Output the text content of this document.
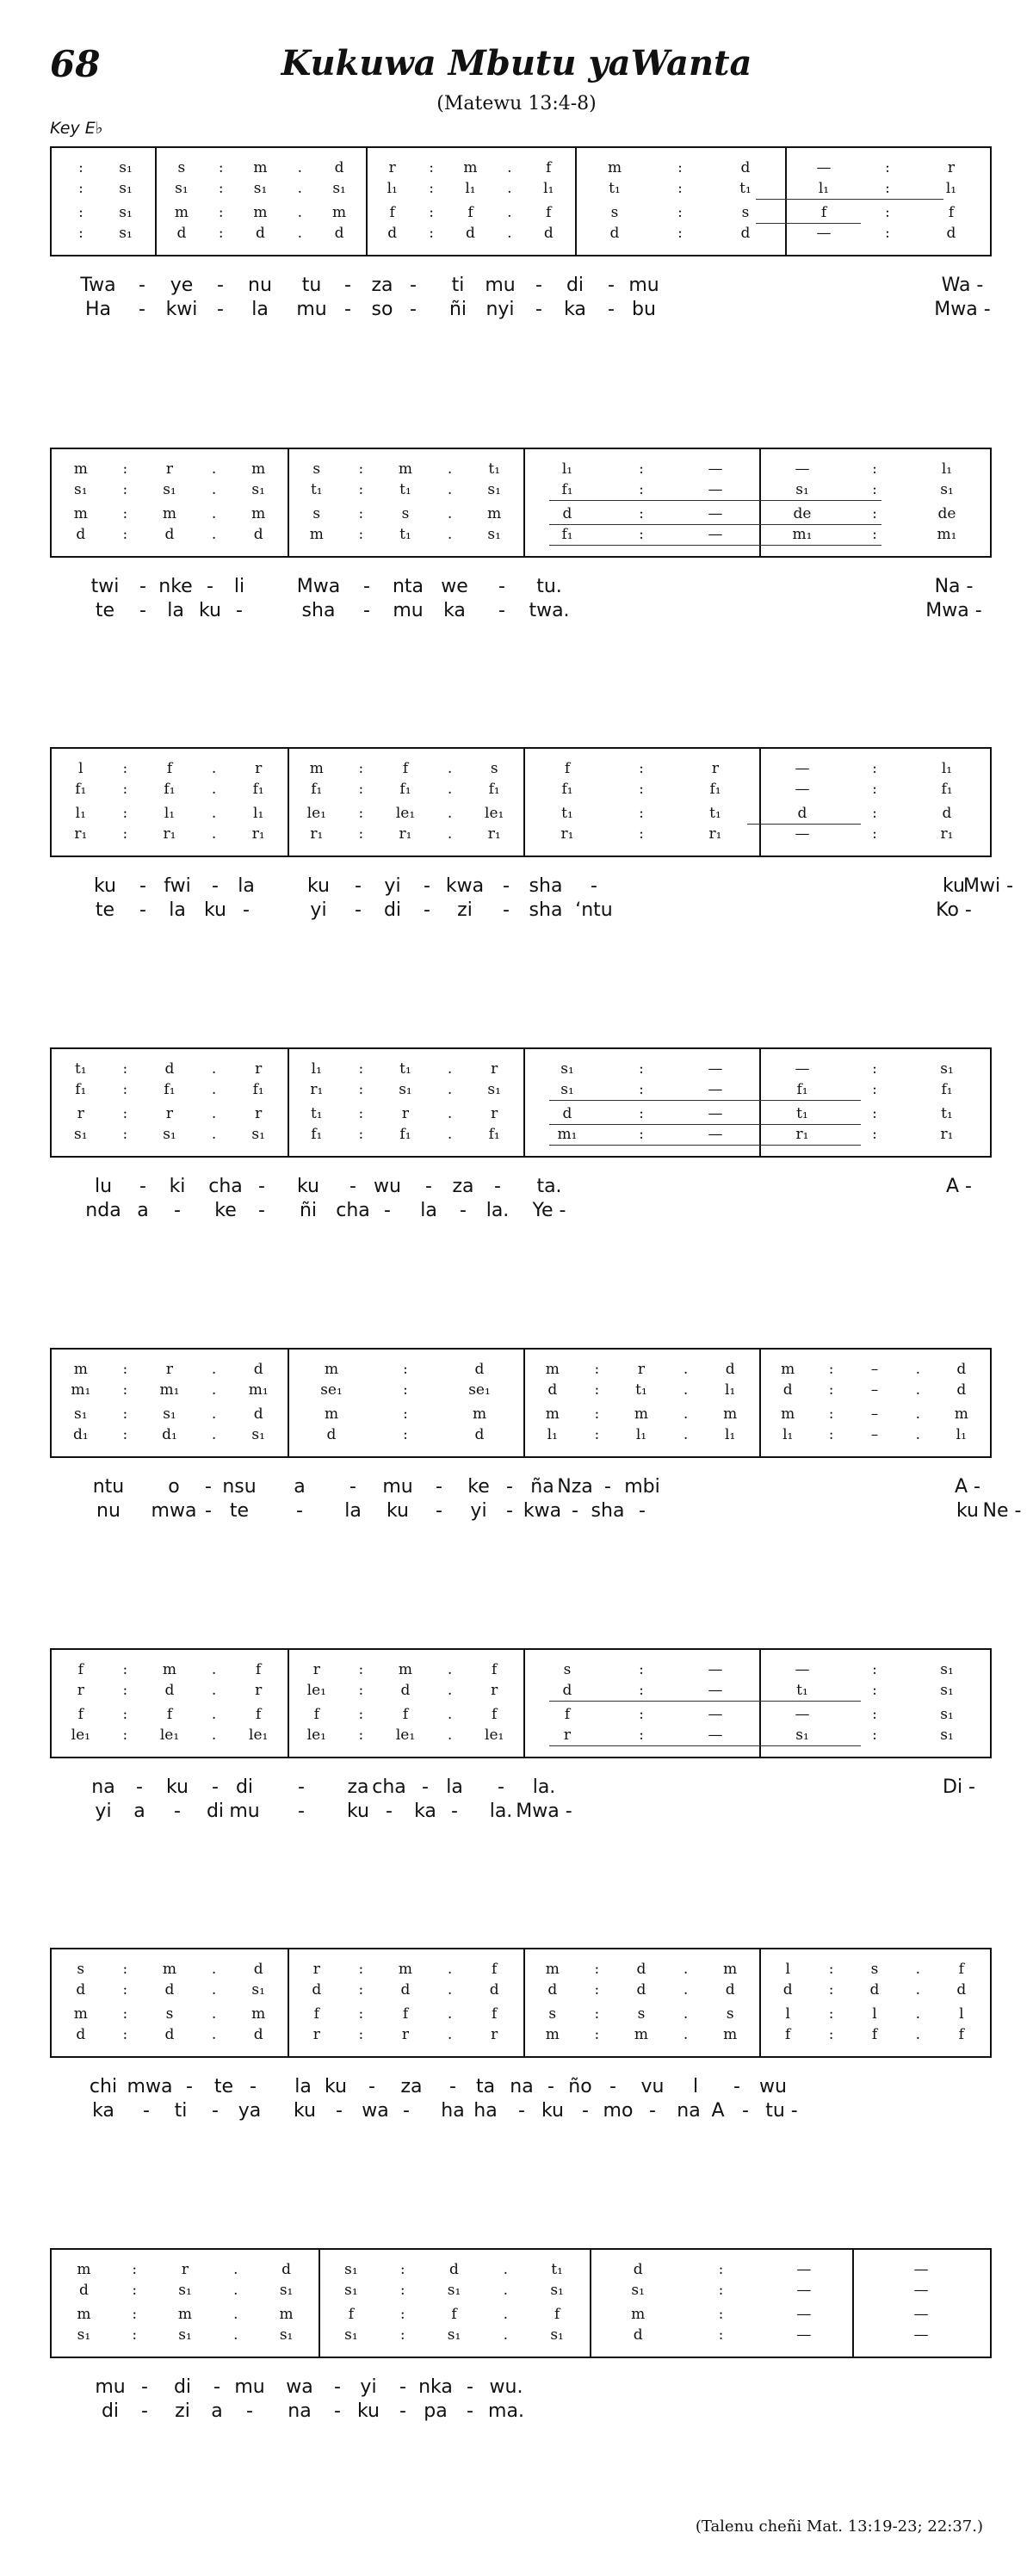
68	Kukuwa Mbutu yaWanta
(Matewu 13:4-8)
Key E♭
:	s₁	s	:	m	.	d	r	:	m	.	f	m	:	d	—	:	r
:	s₁	s₁	:	s₁	.	s₁	l₁	:	l₁	.	l₁	t₁	:	t₁	l₁	:	l₁
:	s₁	m	:	m	.	m	f	:	f	.	f	s	:	s	f	:	f
:	s₁	d	:	d	.	d	d	:	d	.	d	d	:	d	—	:	d
Twa	-	ye	-	nu	tu	-	za -	ti	mu	-	di	- mu	Wa -
Ha	-	kwi	-	la	mu -	so -	ñi	nyi	-	ka	- bu	Mwa -
m	:	r	.	m	s	:	m	.	t₁	l₁	:	—	—	:	l₁
s₁	:	s₁	.	s₁	t₁	:	t₁	.	s₁	f₁	:	—	s₁	:	s₁
m	:	m	.	m	s	:	s	.	m	d	:	—	de	:	de
d	:	d	.	d	m	:	t₁	.	s₁	f₁	:	—	m₁	:	m₁
twi	- nke -	li	Mwa	-	nta we	-	tu.	Na -
te	-	la ku -	sha	-	mu	ka	-	twa.	Mwa -
l	:	f	.	r	m	:	f	.	s	f	:	r	—	:	l₁
f₁	:	f₁	.	f₁	f₁	:	f₁	.	f₁	f₁	:	f₁	—	:	f₁
l₁	:	l₁	.	l₁	le₁	:	le₁	.	le₁	t₁	:	t₁	d	:	d
r₁	:	r₁	.	r₁	r₁	:	r₁	.	r₁	r₁	:	r₁	—	:	r₁
ku	- fwi	-	la	ku	-	yi	- kwa -	sha	-	ku
Mwi -
te	-	la ku -	yi	-	di	-	zi	-	sha ‘ntu	Ko -
t₁	:	d	.	r	l₁	:	t₁	.	r	s₁	:	—	—	:	s₁
f₁	:	f₁	.	f₁	r₁	:	s₁	.	s₁	s₁	:	—	f₁	:	f₁
r	:	r	.	r	t₁	:	r	.	r	d	:	—	t₁	:	t₁
s₁	:	s₁	.	s₁	f₁	:	f₁	.	f₁	m₁	:	—	r₁	:	r₁
lu	-	ki	cha -	ku	- wu	-	za	-	ta.	A -
nda a	-	ke	-	ñi	cha -	la	-	la.	Ye -
m	:	r	.	d	m	:	d	m	:	r	.	d	m	:	–	.	d
m₁	:	m₁	.	m₁	se₁	:	se₁	d	:	t₁	.	l₁	d	:	–	.	d
s₁	:	s₁	.	d	m	:	m	m	:	m	.	m	m	:	–	.	m
d₁	:	d₁	.	s₁	d	:	d	l₁	:	l₁	.	l₁	l₁	:	–	.	l₁
ntu	o	- nsu	a	-	mu	-	ke - ña Nza - mbi	A -
nu	mwa - te	-	la	ku	-	yi	- kwa - sha -	ku Ne -
f	:	m	.	f	r	:	m	.	f	s	:	—	—	:	s₁
r	:	d	.	r	le₁	:	d	.	r	d	:	—	t₁	:	s₁
f	:	f	.	f	f	:	f	.	f	f	:	—	—	:	s₁
le₁	:	le₁	.	le₁	le₁	:	le₁	.	le₁	r	:	—	s₁	:	s₁
na	-	ku	- di	-	za cha - la	-	la.	Di -
yi	a	-	di mu	-	ku -	ka -	la. Mwa -
s	:	m	.	d	r	:	m	.	f	m	:	d	.	m	l	:	s	.	f
d	:	d	.	s₁	d	:	d	.	d	d	:	d	.	d	d	:	d	.	d
m	:	s	.	m	f	:	f	.	f	s	:	s	.	s	l	:	l	.	l
d	:	d	.	d	r	:	r	.	r	m	:	m	.	m	f	:	f	.	f
chi mwa -	te -	la ku	-	za	-	ta na - ño -	vu	l	-	wu
ka	-	ti	-	ya	ku	-	wa -	ha ha	- ku - mo -	na A - tu -
m	:	r	.	d	s₁	:	d	.	t₁	d	:	—	—
d	:	s₁	.	s₁	s₁	:	s₁	.	s₁	s₁	:	—	—
m	:	m	.	m	f	:	f	.	f	m	:	—	—
s₁	:	s₁	.	s₁	s₁	:	s₁	.	s₁	d	:	—	—
mu -	di	- mu	wa	-	yi	- nka - wu.
di	-	zi	a	-	na	- ku	- pa	- ma.
(Talenu cheñi Mat. 13:19-23; 22:37.)
